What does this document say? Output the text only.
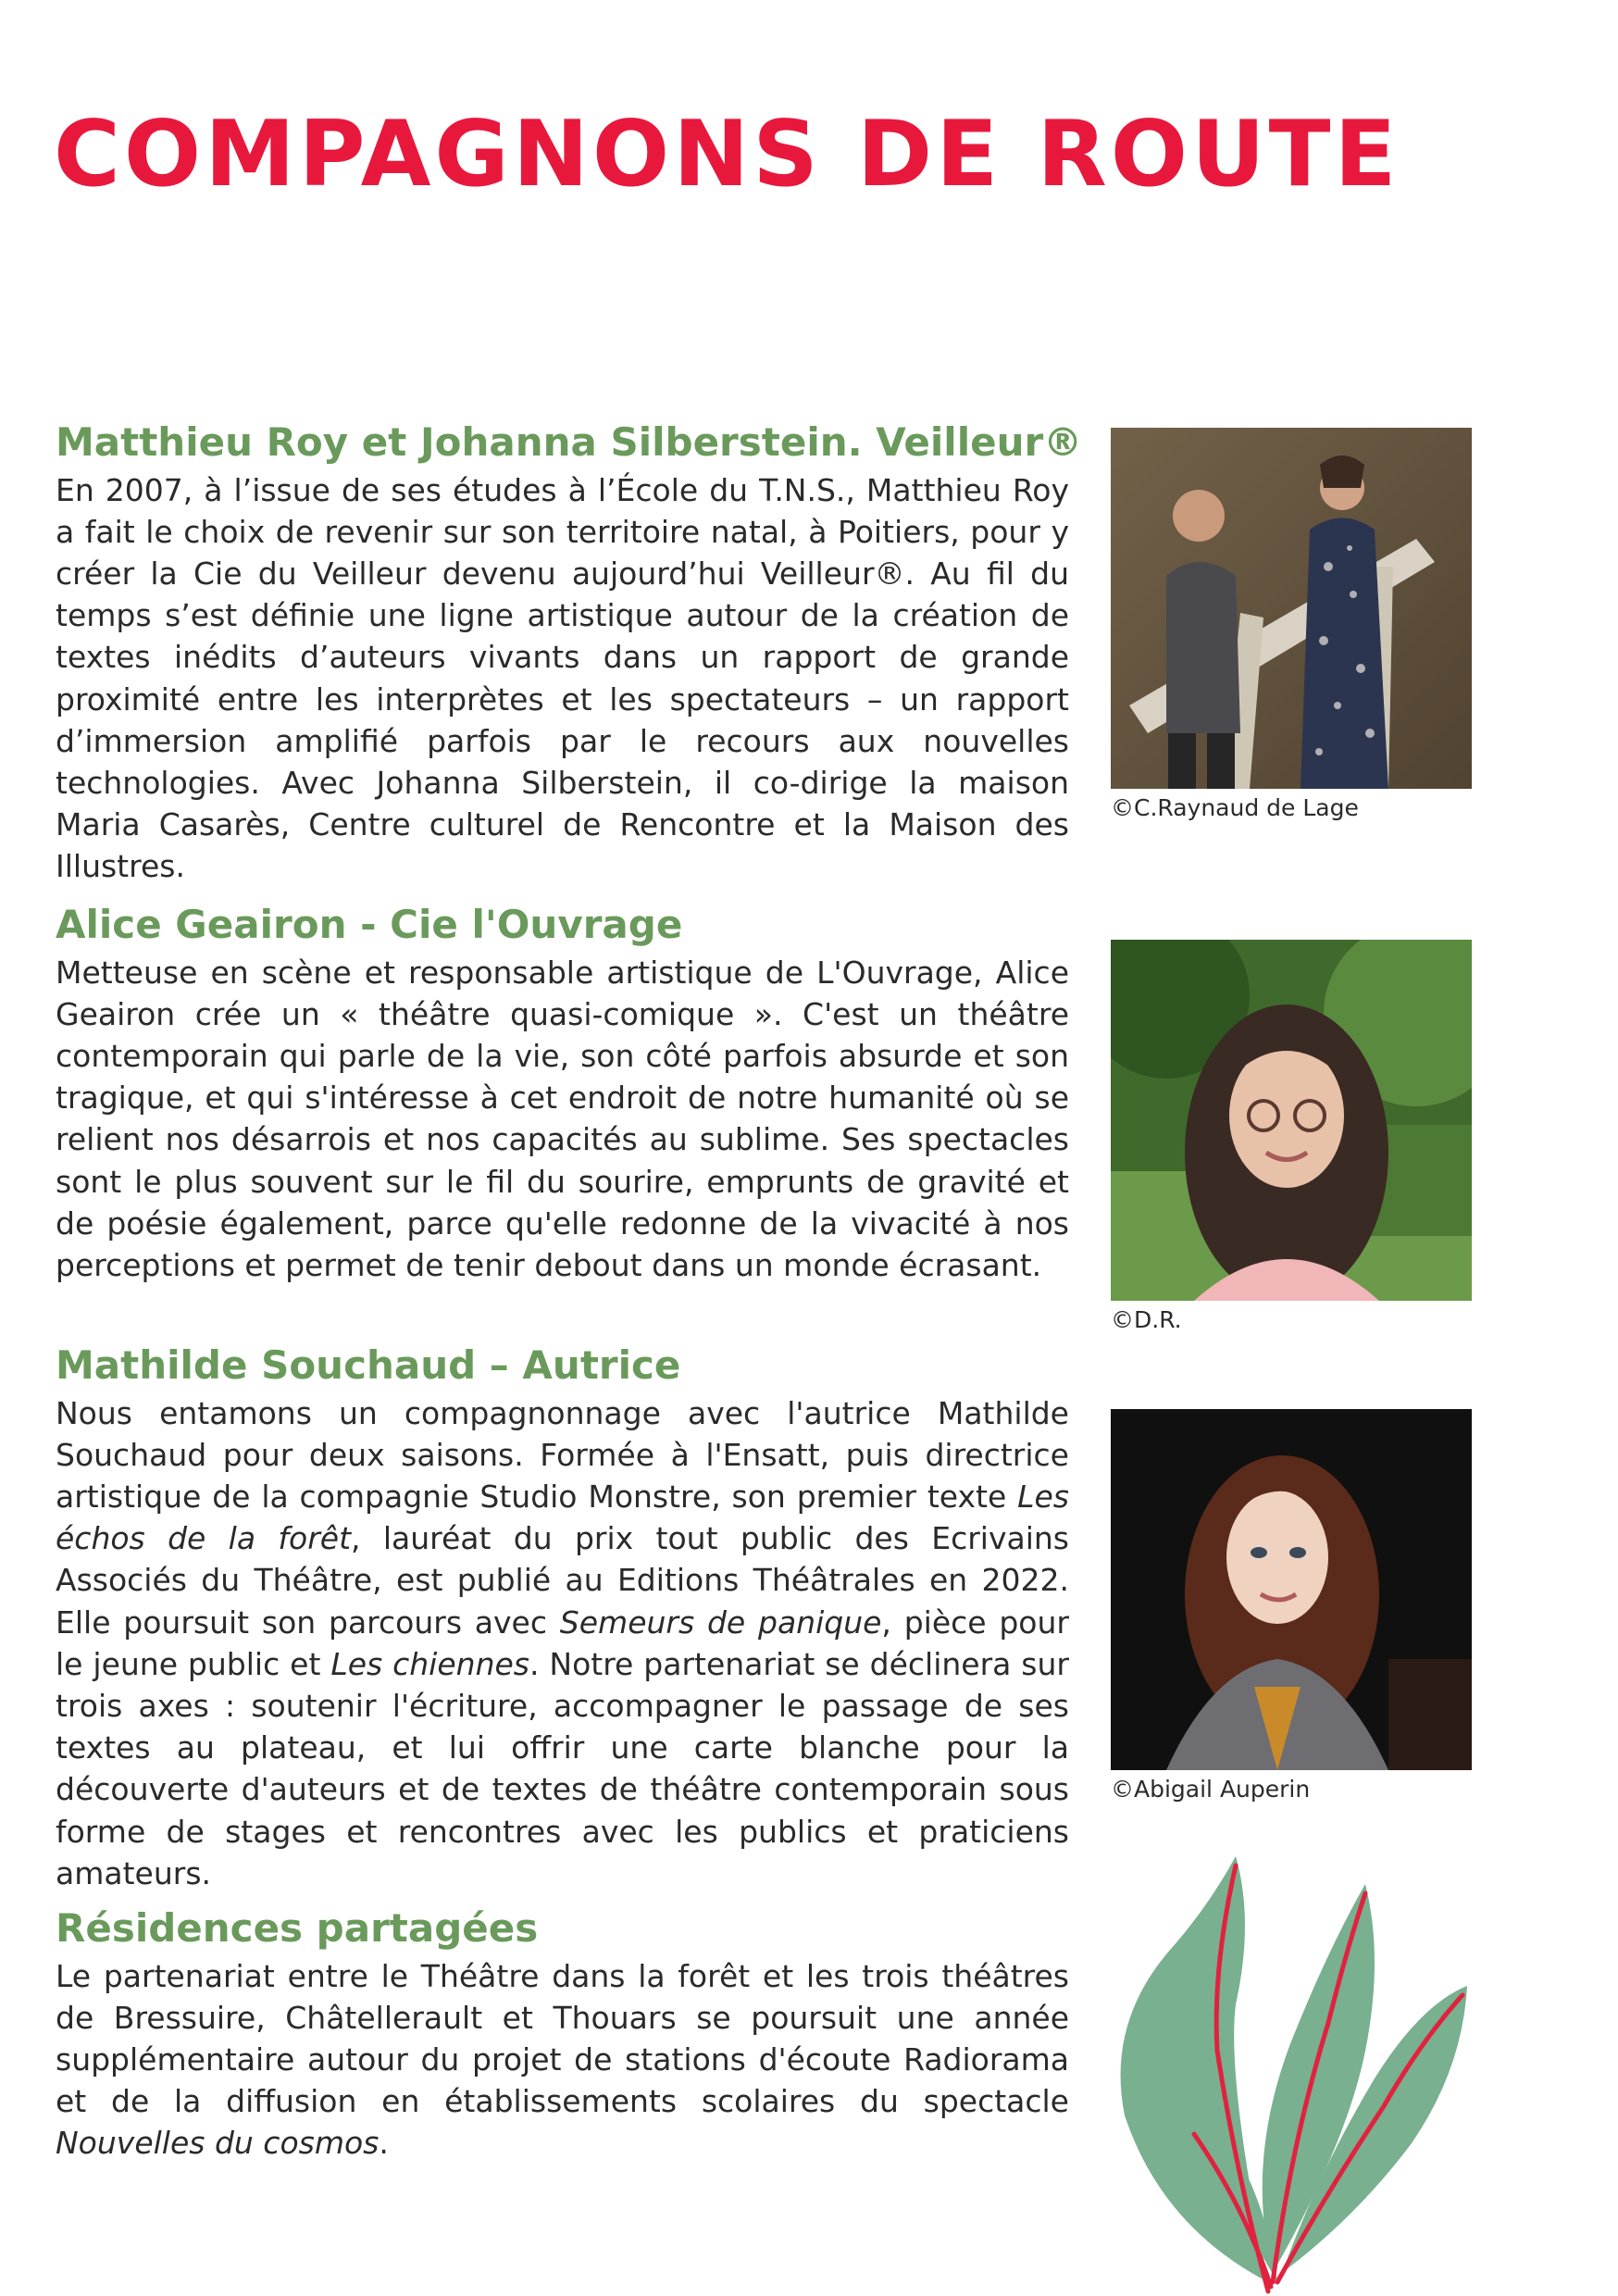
COMPAGNONS DE ROUTE
Matthieu Roy et Johanna Silberstein. Veilleur®

En 2007, à l’issue de ses études à l’École du T.N.S., Matthieu Roy a fait le choix de revenir sur son territoire natal, à Poitiers, pour y créer la Cie du Veilleur devenu aujourd’hui Veilleur®. Au fil du temps s’est définie une ligne artistique autour de la création de textes inédits d’auteurs vivants dans un rapport de grande proximité entre les interprètes et les spectateurs – un rapport d’immersion amplifié parfois par le recours aux nouvelles technologies. Avec Johanna Silberstein, il co-dirige la maison Maria Casarès, Centre culturel de Rencontre et la Maison des Illustres.

©C.Raynaud de Lage
Alice Geairon - Cie l'Ouvrage

Metteuse en scène et responsable artistique de L'Ouvrage, Alice Geairon crée un « théâtre quasi-comique ». C'est un théâtre contemporain qui parle de la vie, son côté parfois absurde et son tragique, et qui s'intéresse à cet endroit de notre humanité où se relient nos désarrois et nos capacités au sublime. Ses spectacles sont le plus souvent sur le fil du sourire, emprunts de gravité et de poésie également, parce qu'elle redonne de la vivacité à nos perceptions et permet de tenir debout dans un monde écrasant.

©D.R.
Mathilde Souchaud – Autrice

Nous entamons un compagnonnage avec l'autrice Mathilde Souchaud pour deux saisons. Formée à l'Ensatt, puis directrice artistique de la compagnie Studio Monstre, son premier texte Les échos de la forêt, lauréat du prix tout public des Ecrivains Associés du Théâtre, est publié au Editions Théâtrales en 2022. Elle poursuit son parcours avec Semeurs de panique, pièce pour le jeune public et Les chiennes. Notre partenariat se déclinera sur trois axes : soutenir l'écriture, accompagner le passage de ses textes au plateau, et lui offrir une carte blanche pour la découverte d'auteurs et de textes de théâtre contemporain sous forme de stages et rencontres avec les publics et praticiens amateurs.

©Abigail Auperin
Résidences partagées

Le partenariat entre le Théâtre dans la forêt et les trois théâtres de Bressuire, Châtellerault et Thouars se poursuit une année supplémentaire autour du projet de stations d'écoute Radiorama et de la diffusion en établissements scolaires du spectacle Nouvelles du cosmos.
